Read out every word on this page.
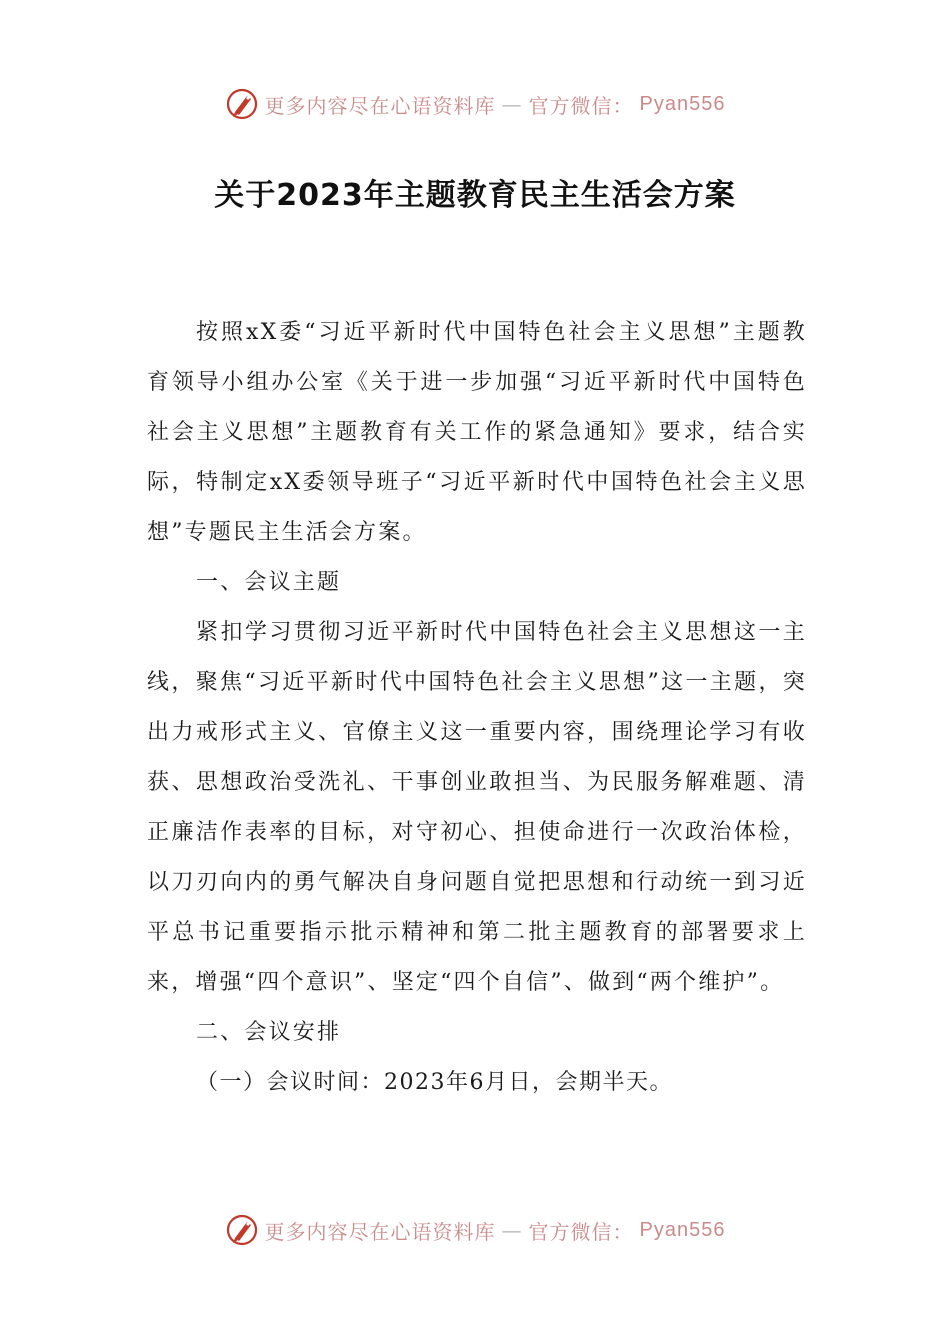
更多内容尽在心语资料库 — 官方微信： Pyan556
关于2023年主题教育民主生活会方案

按照xX委“习近平新时代中国特色社会主义思想”主题教育领导小组办公室《关于进一步加强“习近平新时代中国特色社会主义思想”主题教育有关工作的紧急通知》要求，结合实际，特制定xX委领导班子“习近平新时代中国特色社会主义思想”专题民主生活会方案。

一、会议主题

紧扣学习贯彻习近平新时代中国特色社会主义思想这一主线，聚焦“习近平新时代中国特色社会主义思想”这一主题，突出力戒形式主义、官僚主义这一重要内容，围绕理论学习有收获、思想政治受洗礼、干事创业敢担当、为民服务解难题、清正廉洁作表率的目标，对守初心、担使命进行一次政治体检，以刀刃向内的勇气解决自身问题自觉把思想和行动统一到习近平总书记重要指示批示精神和第二批主题教育的部署要求上来，增强“四个意识”、坚定“四个自信”、做到“两个维护”。

二、会议安排

（一）会议时间：2023年6月日，会期半天。

更多内容尽在心语资料库 — 官方微信： Pyan556
